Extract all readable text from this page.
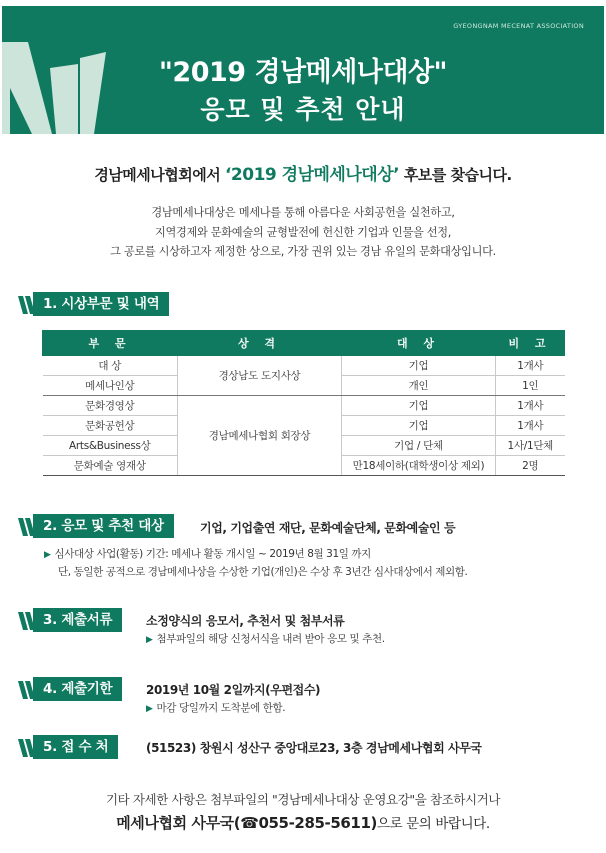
GYEONGNAM MECENAT ASSOCIATION
"2019 경남메세나대상"
응모 및 추천 안내
경남메세나협회에서 ‘2019 경남메세나대상’ 후보를 찾습니다.
경남메세나대상은 메세나를 통해 아름다운 사회공헌을 실천하고,
지역경제와 문화예술의 균형발전에 헌신한 기업과 인물을 선정,
그 공로를 시상하고자 제정한 상으로, 가장 권위 있는 경남 유일의 문화대상입니다.
1. 시상부문 및 내역
부 문	상 격	대 상	비 고
대 상	경상남도 도지사상	기업	1개사
메세나인상		개인	1인
문화경영상	경남메세나협회 회장상	기업	1개사
문화공헌상		기업	1개사
Arts&Business상		기업 / 단체	1사/1단체
문화예술 영재상		만18세이하(대학생이상 제외)	2명
2. 응모 및 추천 대상	기업, 기업출연 재단, 문화예술단체, 문화예술인 등
▶ 심사대상 사업(활동) 기간: 메세나 활동 개시일 ~ 2019년 8월 31일 까지
단, 동일한 공적으로 경남메세나상을 수상한 기업(개인)은 수상 후 3년간 심사대상에서 제외함.
3. 제출서류	소정양식의 응모서, 추천서 및 첨부서류
▶ 첨부파일의 해당 신청서식을 내려 받아 응모 및 추천.
4. 제출기한	2019년 10월 2일까지(우편접수)
▶ 마감 당일까지 도착분에 한함.
5. 접 수 처	(51523) 창원시 성산구 중앙대로23, 3층 경남메세나협회 사무국
기타 자세한 사항은 첨부파일의 "경남메세나대상 운영요강"을 참조하시거나
메세나협회 사무국(☎055-285-5611)으로 문의 바랍니다.
